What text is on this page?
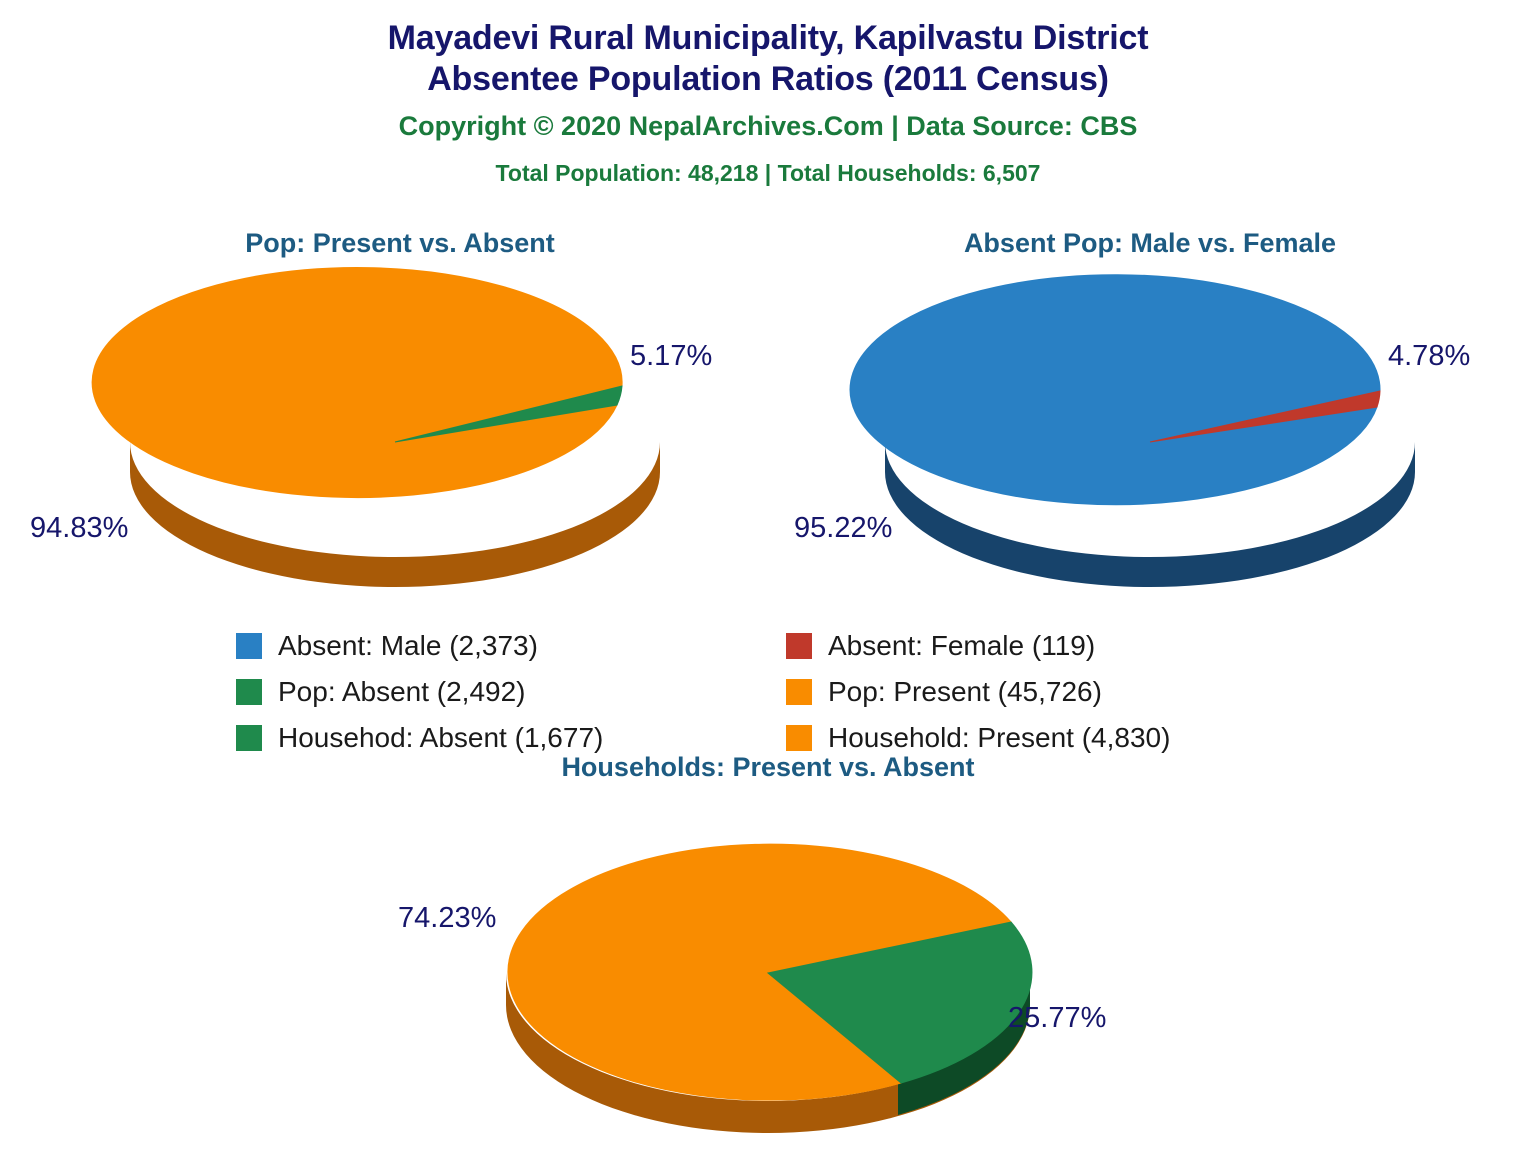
Mayadevi Rural Municipality, Kapilvastu District
Absentee Population Ratios (2011 Census)
Copyright © 2020 NepalArchives.Com | Data Source: CBS
Total Population: 48,218 | Total Households: 6,507
Pop: Present vs. Absent
5.17%
94.83%
Absent Pop: Male vs. Female
4.78%
95.22%
Absent: Male (2,373)	Absent: Female (119)
Pop: Absent (2,492)	Pop: Present (45,726)
Househod: Absent (1,677)	Household: Present (4,830)
Households: Present vs. Absent
74.23%
25.77%
